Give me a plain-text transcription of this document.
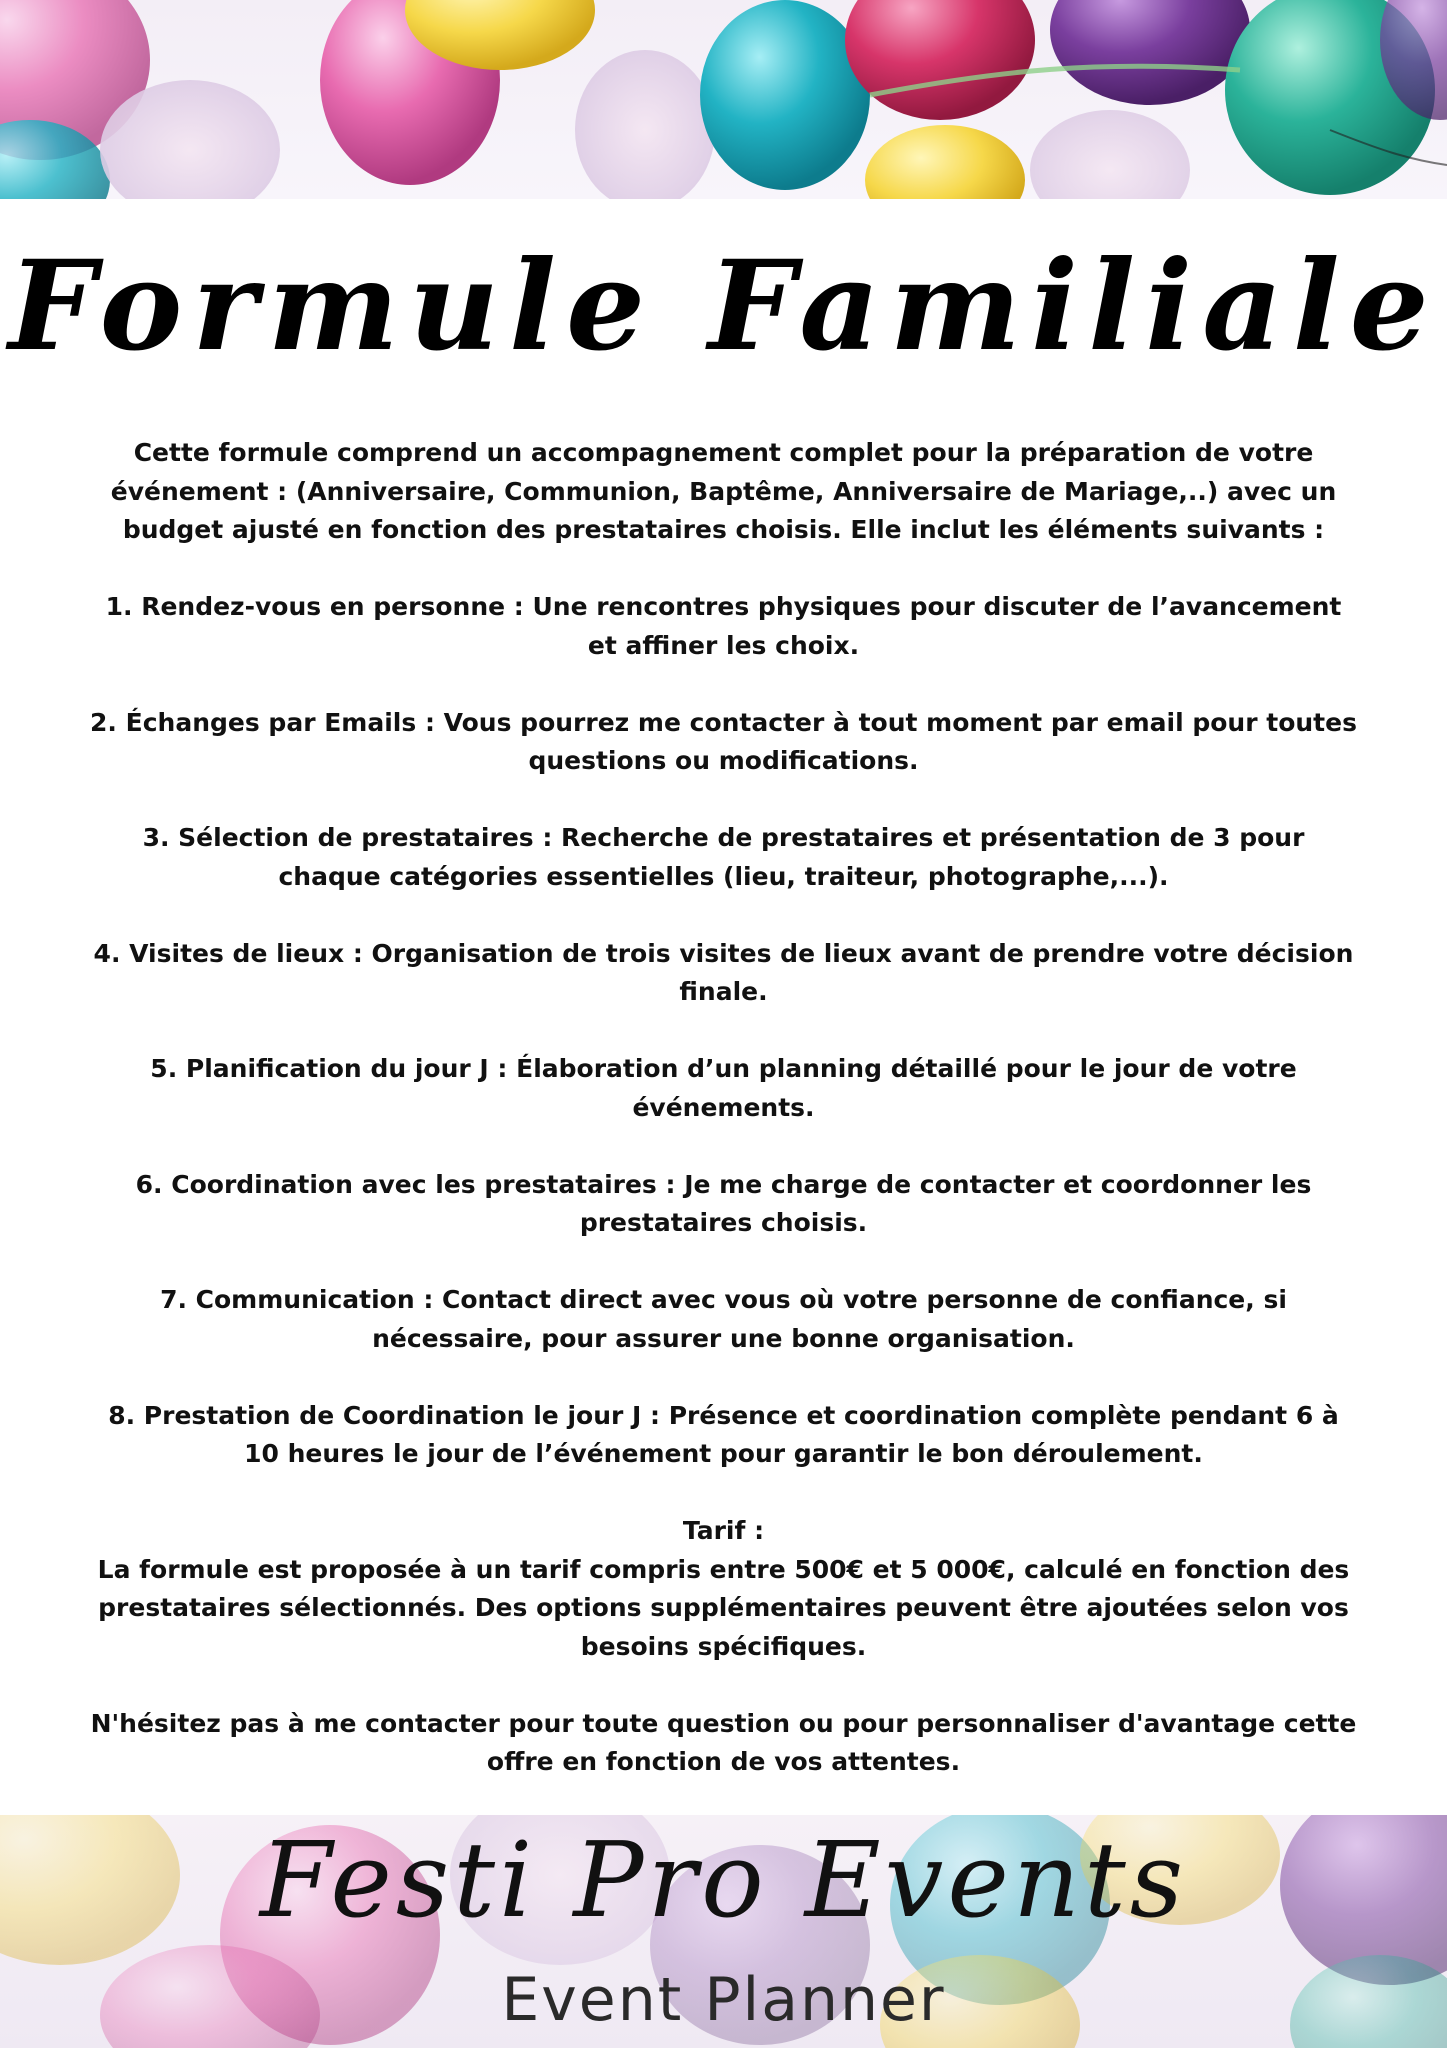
Formule Familiale

Cette formule comprend un accompagnement complet pour la préparation de votre événement : (Anniversaire, Communion, Baptême, Anniversaire de Mariage,..) avec un budget ajusté en fonction des prestataires choisis. Elle inclut les éléments suivants :

1. Rendez-vous en personne : Une rencontres physiques pour discuter de l’avancement et affiner les choix.

2. Échanges par Emails : Vous pourrez me contacter à tout moment par email pour toutes questions ou modifications.

3. Sélection de prestataires : Recherche de prestataires et présentation de 3 pour chaque catégories essentielles (lieu, traiteur, photographe,...).

4. Visites de lieux : Organisation de trois visites de lieux avant de prendre votre décision finale.

5. Planification du jour J : Élaboration d’un planning détaillé pour le jour de votre événements.

6. Coordination avec les prestataires : Je me charge de contacter et coordonner les prestataires choisis.

7. Communication : Contact direct avec vous où votre personne de confiance, si nécessaire, pour assurer une bonne organisation.

8. Prestation de Coordination le jour J : Présence et coordination complète pendant 6 à 10 heures le jour de l’événement pour garantir le bon déroulement.

Tarif :

La formule est proposée à un tarif compris entre 500€ et 5 000€, calculé en fonction des prestataires sélectionnés. Des options supplémentaires peuvent être ajoutées selon vos besoins spécifiques.

N'hésitez pas à me contacter pour toute question ou pour personnaliser d'avantage cette offre en fonction de vos attentes.

Festi Pro Events
Event Planner
